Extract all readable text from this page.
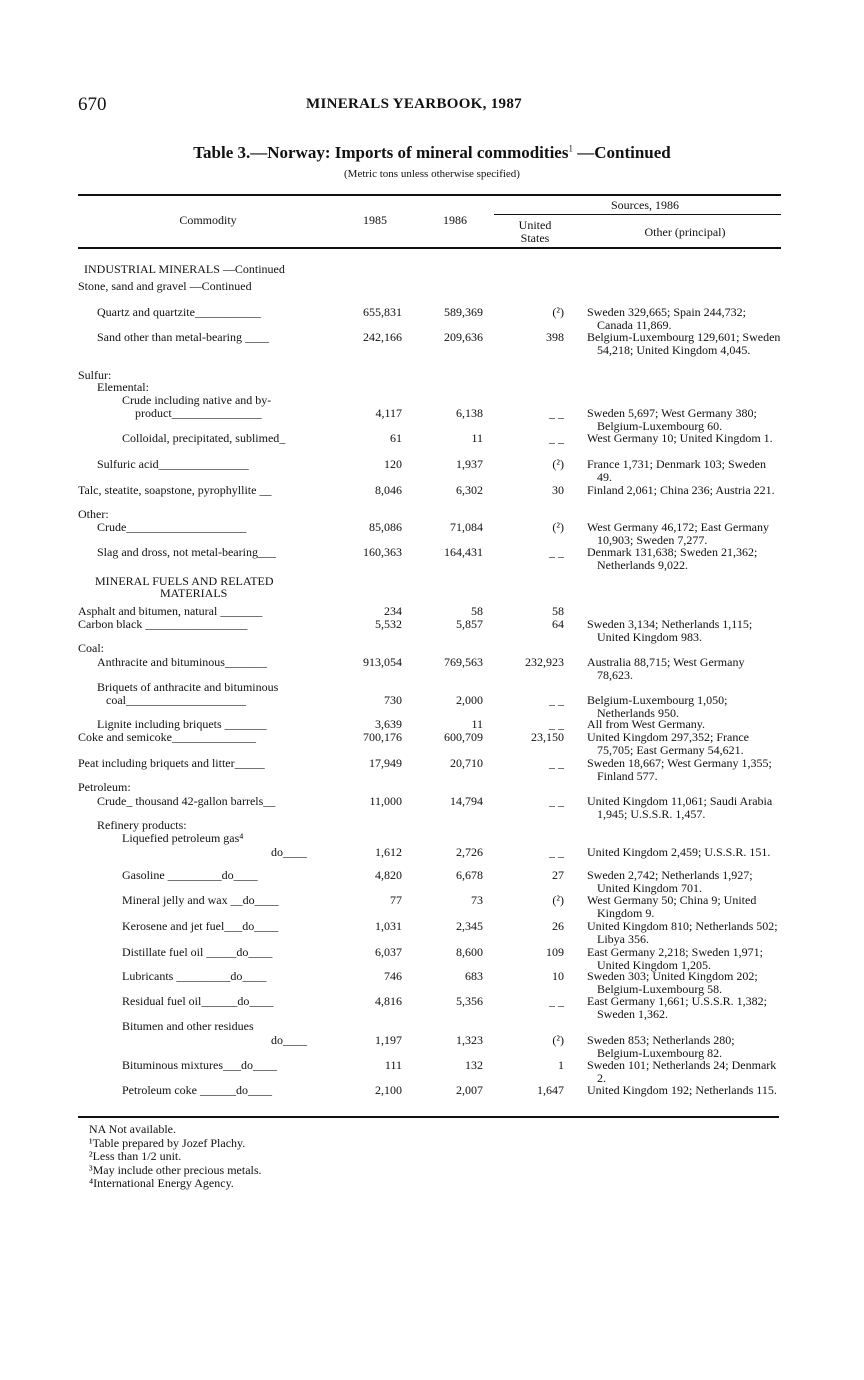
670	MINERALS YEARBOOK, 1987
Table 3.—Norway: Imports of mineral commodities$^1$ —Continued
(Metric tons unless otherwise specified)
Commodity	1985	1986
Sources, 1986
United
States	Other (principal)
INDUSTRIAL MINERALS —Continued
Stone, sand and gravel —Continued
Quartz and quartzite___________	655,831	589,369	(²) Sweden 329,665; Spain 244,732; Canada 11,869.
Sand other than metal-bearing ____	242,166	209,636	398 Belgium-Luxembourg 129,601; Sweden 54,218; United Kingdom 4,045.
Sulfur:
Elemental:
Crude including native and by-
product_______________	4,117	6,138	_ _ Sweden 5,697; West Germany 380; Belgium-Luxembourg 60.
Colloidal, precipitated, sublimed_	61	11	_ _ West Germany 10; United Kingdom 1.
Sulfuric acid_______________	120	1,937	(²) France 1,731; Denmark 103; Sweden 49.
Talc, steatite, soapstone, pyrophyllite __	8,046	6,302	30 Finland 2,061; China 236; Austria 221.
Other:
Crude____________________	85,086	71,084	(²) West Germany 46,172; East Germany 10,903; Sweden 7,277.
Slag and dross, not metal-bearing___	160,363	164,431	_ _ Denmark 131,638; Sweden 21,362; Netherlands 9,022.
MINERAL FUELS AND RELATED
MATERIALS
Asphalt and bitumen, natural _______	234	58	58
Carbon black _________________	5,532	5,857	64 Sweden 3,134; Netherlands 1,115; United Kingdom 983.
Coal:
Anthracite and bituminous_______	913,054	769,563	232,923 Australia 88,715; West Germany 78,623.
Briquets of anthracite and bituminous
coal____________________	730	2,000	_ _ Belgium-Luxembourg 1,050; Netherlands 950.
Lignite including briquets _______	3,639	11	_ _ All from West Germany.
Coke and semicoke______________	700,176	600,709	23,150 United Kingdom 297,352; France 75,705; East Germany 54,621.
Peat including briquets and litter_____	17,949	20,710	_ _ Sweden 18,667; West Germany 1,355; Finland 577.
Petroleum:
Crude_ thousand 42-gallon barrels__	11,000	14,794	_ _ United Kingdom 11,061; Saudi Arabia 1,945; U.S.S.R. 1,457.
Refinery products:
Liquefied petroleum gas⁴
do____	1,612	2,726	_ _ United Kingdom 2,459; U.S.S.R. 151.
Gasoline _________do____	4,820	6,678	27 Sweden 2,742; Netherlands 1,927; United Kingdom 701.
Mineral jelly and wax __do____	77	73	(²) West Germany 50; China 9; United Kingdom 9.
Kerosene and jet fuel___do____	1,031	2,345	26 United Kingdom 810; Netherlands 502; Libya 356.
Distillate fuel oil _____do____	6,037	8,600	109 East Germany 2,218; Sweden 1,971; United Kingdom 1,205.
Lubricants _________do____	746	683	10 Sweden 303; United Kingdom 202; Belgium-Luxembourg 58.
Residual fuel oil______do____	4,816	5,356	_ _ East Germany 1,661; U.S.S.R. 1,382; Sweden 1,362.
Bitumen and other residues
do____	1,197	1,323	(²) Sweden 853; Netherlands 280; Belgium-Luxembourg 82.
Bituminous mixtures___do____	111	132	1 Sweden 101; Netherlands 24; Denmark 2.
Petroleum coke ______do____	2,100	2,007	1,647 United Kingdom 192; Netherlands 115.
NA Not available.
¹Table prepared by Jozef Plachy.
²Less than 1/2 unit.
³May include other precious metals.
⁴International Energy Agency.
